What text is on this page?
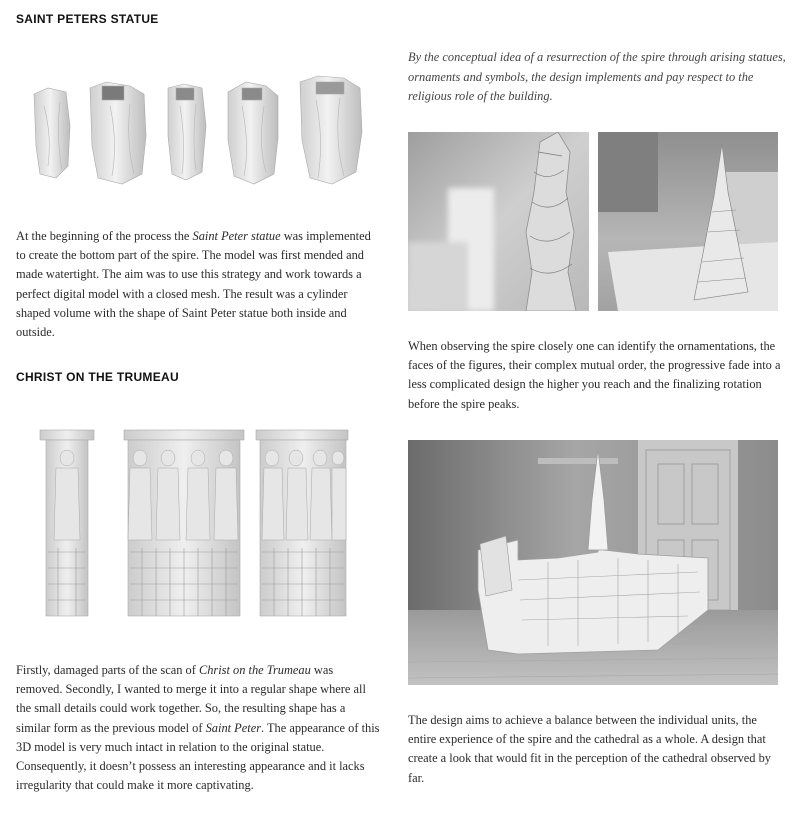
SAINT PETERS STATUE

At the beginning of the process the Saint Peter statue was implemented to create the bottom part of the spire. The model was first mended and made watertight. The aim was to use this strategy and work towards a perfect digital model with a closed mesh. The result was a cylinder shaped volume with the shape of Saint Peter statue both inside and outside.

CHRIST ON THE TRUMEAU

Firstly, damaged parts of the scan of Christ on the Trumeau was removed. Secondly, I wanted to merge it into a regular shape where all the small details could work together. So, the resulting shape has a similar form as the previous model of Saint Peter. The appearance of this 3D model is very much intact in relation to the original statue. Consequently, it doesn’t possess an interesting appearance and it lacks irregularity that could make it more captivating.

By the conceptual idea of a resurrection of the spire through arising statues, ornaments and symbols, the design implements and pay respect to the religious role of the building.

When observing the spire closely one can identify the ornamentations, the faces of the figures, their complex mutual order, the progressive fade into a less complicated design the higher you reach and the finalizing rotation before the spire peaks.

The design aims to achieve a balance between the individual units, the entire experience of the spire and the cathedral as a whole. A design that create a look that would fit in the perception of the cathedral observed by far.
